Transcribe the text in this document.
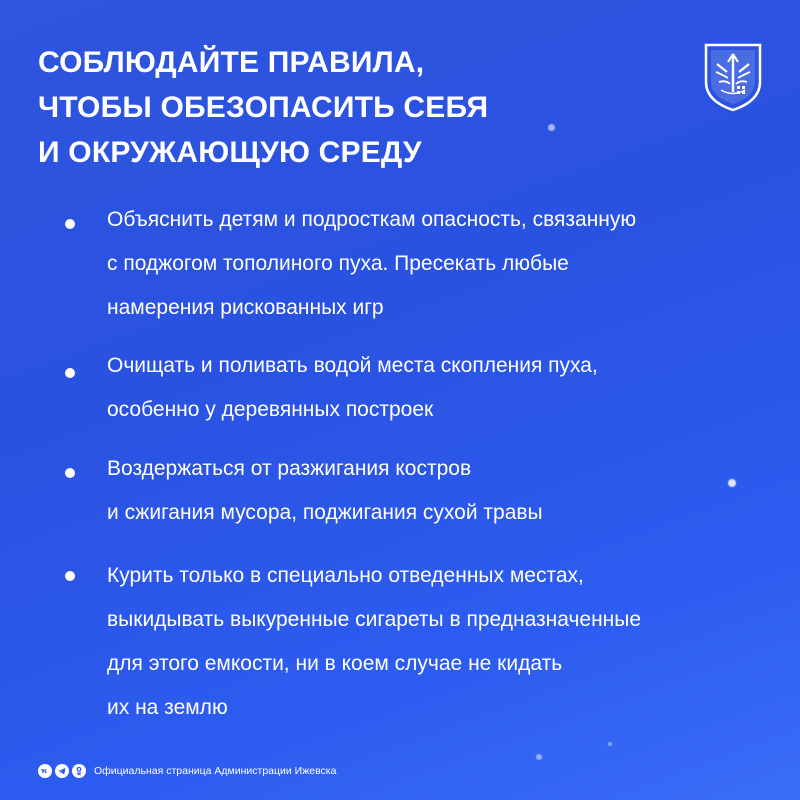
СОБЛЮДАЙТЕ ПРАВИЛА,
ЧТОБЫ ОБЕЗОПАСИТЬ СЕБЯ
И ОКРУЖАЮЩУЮ СРЕДУ
Объяснить детям и подросткам опасность, связанную
с поджогом тополиного пуха. Пресекать любые
намерения рискованных игр
Очищать и поливать водой места скопления пуха,
особенно у деревянных построек
Воздержаться от разжигания костров
и сжигания мусора, поджигания сухой травы
Курить только в специально отведенных местах,
выкидывать выкуренные сигареты в предназначенные
для этого емкости, ни в коем случае не кидать
их на землю
Официальная страница Администрации Ижевска
